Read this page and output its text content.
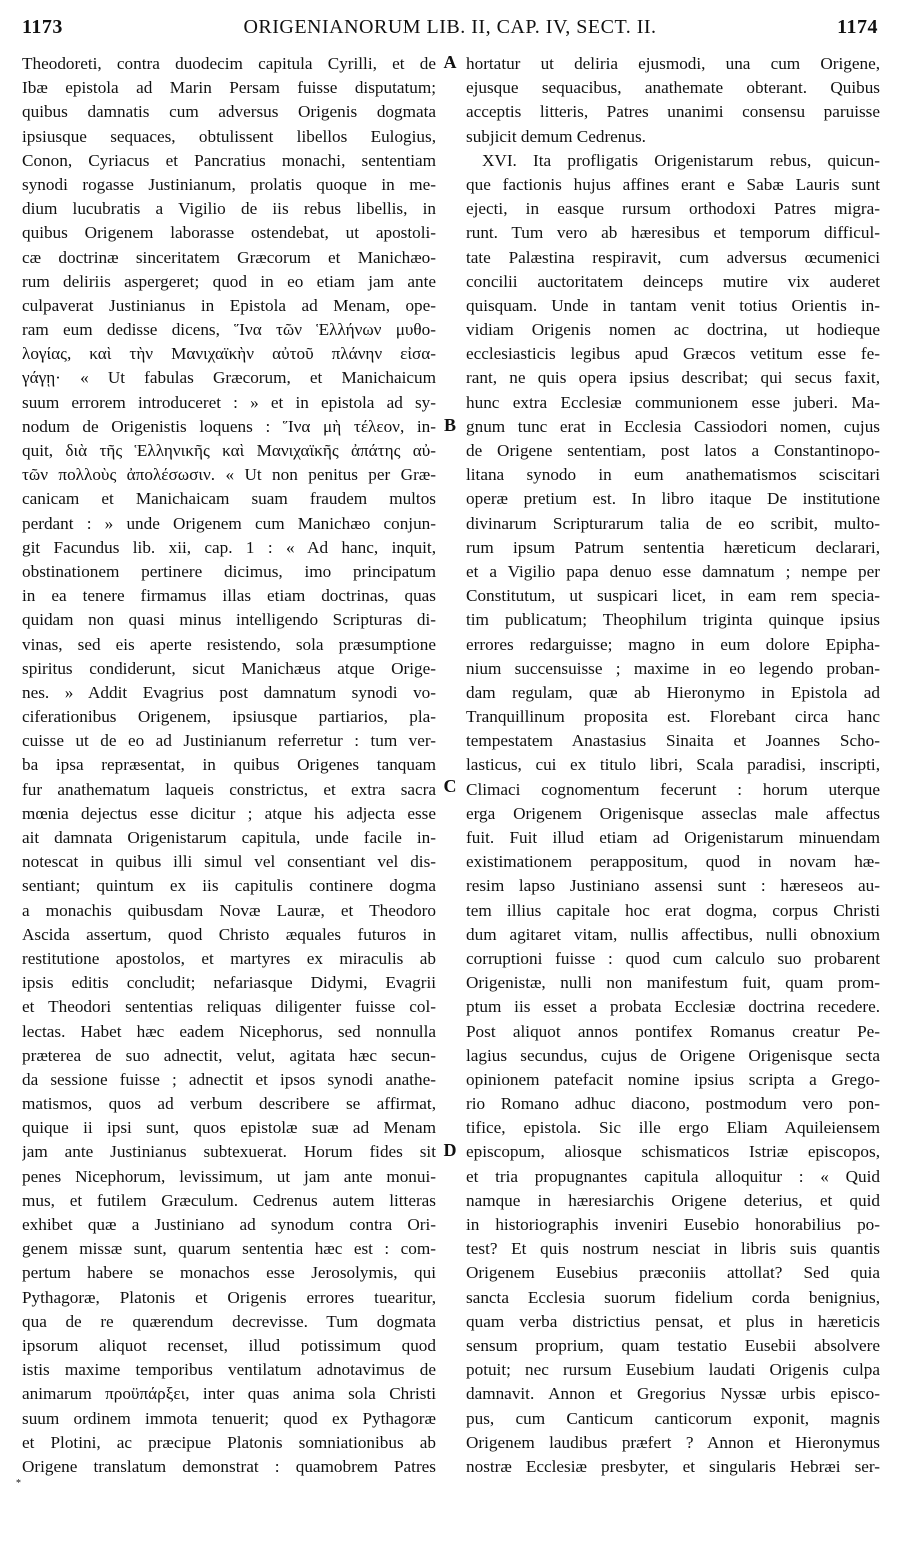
1173	ORIGENIANORUM LIB. II, CAP. IV, SECT. II.	1174
Theodoreti, contra duodecim capitula Cyrilli, et de
Ibæ epistola ad Marin Persam fuisse disputatum;
quibus damnatis cum adversus Origenis dogmata
ipsiusque sequaces, obtulissent libellos Eulogius,
Conon, Cyriacus et Pancratius monachi, sententiam
synodi rogasse Justinianum, prolatis quoque in me-
dium lucubratis a Vigilio de iis rebus libellis, in
quibus Origenem laborasse ostendebat, ut apostoli-
cæ doctrinæ sinceritatem Græcorum et Manichæo-
rum deliriis aspergeret; quod in eo etiam jam ante
culpaverat Justinianus in Epistola ad Menam, ope-
ram eum dedisse dicens, Ἵνα τῶν Ἑλλήνων μυθο-
λογίας, καὶ τὴν Μανιχαϊκὴν αὐτοῦ πλάνην εἰσα-
γάγῃ· « Ut fabulas Græcorum, et Manichaicum
suum errorem introduceret : » et in epistola ad sy-
nodum de Origenistis loquens : Ἵνα μὴ τέλεον, in-
quit, διὰ τῆς Ἑλληνικῆς καὶ Μανιχαϊκῆς ἀπάτης αὐ-
τῶν πολλοὺς ἀπολέσωσιν. « Ut non penitus per Græ-
canicam et Manichaicam suam fraudem multos
perdant : » unde Origenem cum Manichæo conjun-
git Facundus lib. xii, cap. 1 : « Ad hanc, inquit,
obstinationem pertinere dicimus, imo principatum
in ea tenere firmamus illas etiam doctrinas, quas
quidam non quasi minus intelligendo Scripturas di-
vinas, sed eis aperte resistendo, sola præsumptione
spiritus condiderunt, sicut Manichæus atque Orige-
nes. » Addit Evagrius post damnatum synodi vo-
ciferationibus Origenem, ipsiusque partiarios, pla-
cuisse ut de eo ad Justinianum referretur : tum ver-
ba ipsa repræsentat, in quibus Origenes tanquam
fur anathematum laqueis constrictus, et extra sacra
mœnia dejectus esse dicitur ; atque his adjecta esse
ait damnata Origenistarum capitula, unde facile in-
notescat in quibus illi simul vel consentiant vel dis-
sentiant; quintum ex iis capitulis continere dogma
a monachis quibusdam Novæ Lauræ, et Theodoro
Ascida assertum, quod Christo æquales futuros in
restitutione apostolos, et martyres ex miraculis ab
ipsis editis concludit; nefariasque Didymi, Evagrii
et Theodori sententias reliquas diligenter fuisse col-
lectas. Habet hæc eadem Nicephorus, sed nonnulla
præterea de suo adnectit, velut, agitata hæc secun-
da sessione fuisse ; adnectit et ipsos synodi anathe-
matismos, quos ad verbum describere se affirmat,
quique ii ipsi sunt, quos epistolæ suæ ad Menam
jam ante Justinianus subtexuerat. Horum fides sit
penes Nicephorum, levissimum, ut jam ante monui-
mus, et futilem Græculum. Cedrenus autem litteras
exhibet quæ a Justiniano ad synodum contra Ori-
genem missæ sunt, quarum sententia hæc est : com-
pertum habere se monachos esse Jerosolymis, qui
Pythagoræ, Platonis et Origenis errores tuearitur,
qua de re quærendum decrevisse. Tum dogmata
ipsorum aliquot recenset, illud potissimum quod
istis maxime temporibus ventilatum adnotavimus de
animarum προϋπάρξει, inter quas anima sola Christi
suum ordinem immota tenuerit; quod ex Pythagoræ
et Plotini, ac præcipue Platonis somniationibus ab
Origene translatum demonstrat : quamobrem Patres
hortatur ut deliria ejusmodi, una cum Origene,
ejusque sequacibus, anathemate obterant. Quibus
acceptis litteris, Patres unanimi consensu paruisse
subjicit demum Cedrenus.
XVI. Ita profligatis Origenistarum rebus, quicun-
que factionis hujus affines erant e Sabæ Lauris sunt
ejecti, in easque rursum orthodoxi Patres migra-
runt. Tum vero ab hæresibus et temporum difficul-
tate Palæstina respiravit, cum adversus œcumenici
concilii auctoritatem deinceps mutire vix auderet
quisquam. Unde in tantam venit totius Orientis in-
vidiam Origenis nomen ac doctrina, ut hodieque
ecclesiasticis legibus apud Græcos vetitum esse fe-
rant, ne quis opera ipsius describat; qui secus faxit,
hunc extra Ecclesiæ communionem esse juberi. Ma-
gnum tunc erat in Ecclesia Cassiodori nomen, cujus
de Origene sententiam, post latos a Constantinopo-
litana synodo in eum anathematismos sciscitari
operæ pretium est. In libro itaque De institutione
divinarum Scripturarum talia de eo scribit, multo-
rum ipsum Patrum sententia hæreticum declarari,
et a Vigilio papa denuo esse damnatum ; nempe per
Constitutum, ut suspicari licet, in eam rem specia-
tim publicatum; Theophilum triginta quinque ipsius
errores redarguisse; magno in eum dolore Epipha-
nium succensuisse ; maxime in eo legendo proban-
dam regulam, quæ ab Hieronymo in Epistola ad
Tranquillinum proposita est. Florebant circa hanc
tempestatem Anastasius Sinaita et Joannes Scho-
lasticus, cui ex titulo libri, Scala paradisi, inscripti,
Climaci cognomentum fecerunt : horum uterque
erga Origenem Origenisque asseclas male affectus
fuit. Fuit illud etiam ad Origenistarum minuendam
existimationem perappositum, quod in novam hæ-
resim lapso Justiniano assensi sunt : hæreseos au-
tem illius capitale hoc erat dogma, corpus Christi
dum agitaret vitam, nullis affectibus, nulli obnoxium
corruptioni fuisse : quod cum calculo suo probarent
Origenistæ, nulli non manifestum fuit, quam prom-
ptum iis esset a probata Ecclesiæ doctrina recedere.
Post aliquot annos pontifex Romanus creatur Pe-
lagius secundus, cujus de Origene Origenisque secta
opinionem patefacit nomine ipsius scripta a Grego-
rio Romano adhuc diacono, postmodum vero pon-
tifice, epistola. Sic ille ergo Eliam Aquileiensem
episcopum, aliosque schismaticos Istriæ episcopos,
et tria propugnantes capitula alloquitur : « Quid
namque in hæresiarchis Origene deterius, et quid
in historiographis inveniri Eusebio honorabilius po-
test? Et quis nostrum nesciat in libris suis quantis
Origenem Eusebius præconiis attollat? Sed quia
sancta Ecclesia suorum fidelium corda benignius,
quam verba districtius pensat, et plus in hæreticis
sensum proprium, quam testatio Eusebii absolvere
potuit; nec rursum Eusebium laudati Origenis culpa
damnavit. Annon et Gregorius Nyssæ urbis episco-
pus, cum Canticum canticorum exponit, magnis
Origenem laudibus præfert ? Annon et Hieronymus
nostræ Ecclesiæ presbyter, et singularis Hebræi ser-
A
B
C
D
*
